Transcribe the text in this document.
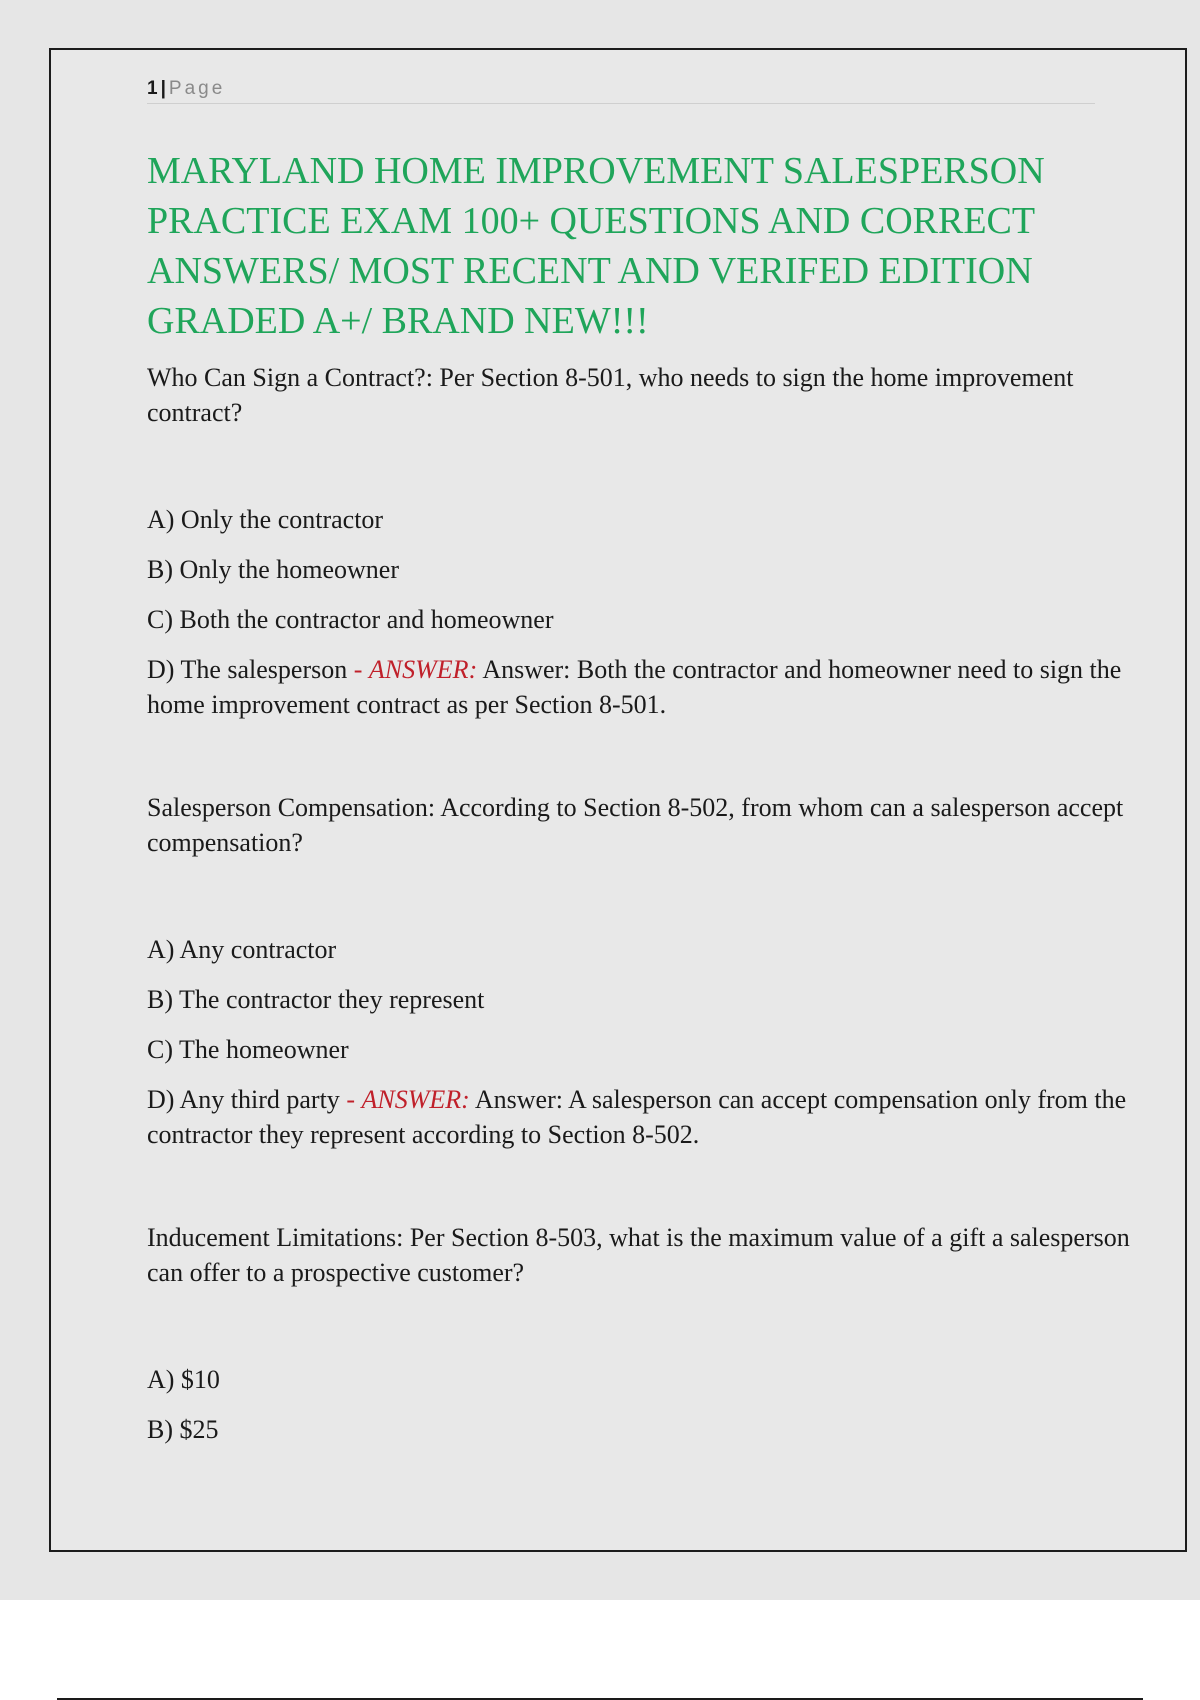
1 | Page
MARYLAND HOME IMPROVEMENT SALESPERSON PRACTICE EXAM 100+ QUESTIONS AND CORRECT ANSWERS/ MOST RECENT AND VERIFED EDITION GRADED A+/ BRAND NEW!!!

Who Can Sign a Contract?: Per Section 8-501, who needs to sign the home improvement contract?

A) Only the contractor

B) Only the homeowner

C) Both the contractor and homeowner

D) The salesperson - ANSWER: Answer: Both the contractor and homeowner need to sign the home improvement contract as per Section 8-501.

Salesperson Compensation: According to Section 8-502, from whom can a salesperson accept compensation?

A) Any contractor

B) The contractor they represent

C) The homeowner

D) Any third party - ANSWER: Answer: A salesperson can accept compensation only from the contractor they represent according to Section 8-502.

Inducement Limitations: Per Section 8-503, what is the maximum value of a gift a salesperson can offer to a prospective customer?

A) $10

B) $25
